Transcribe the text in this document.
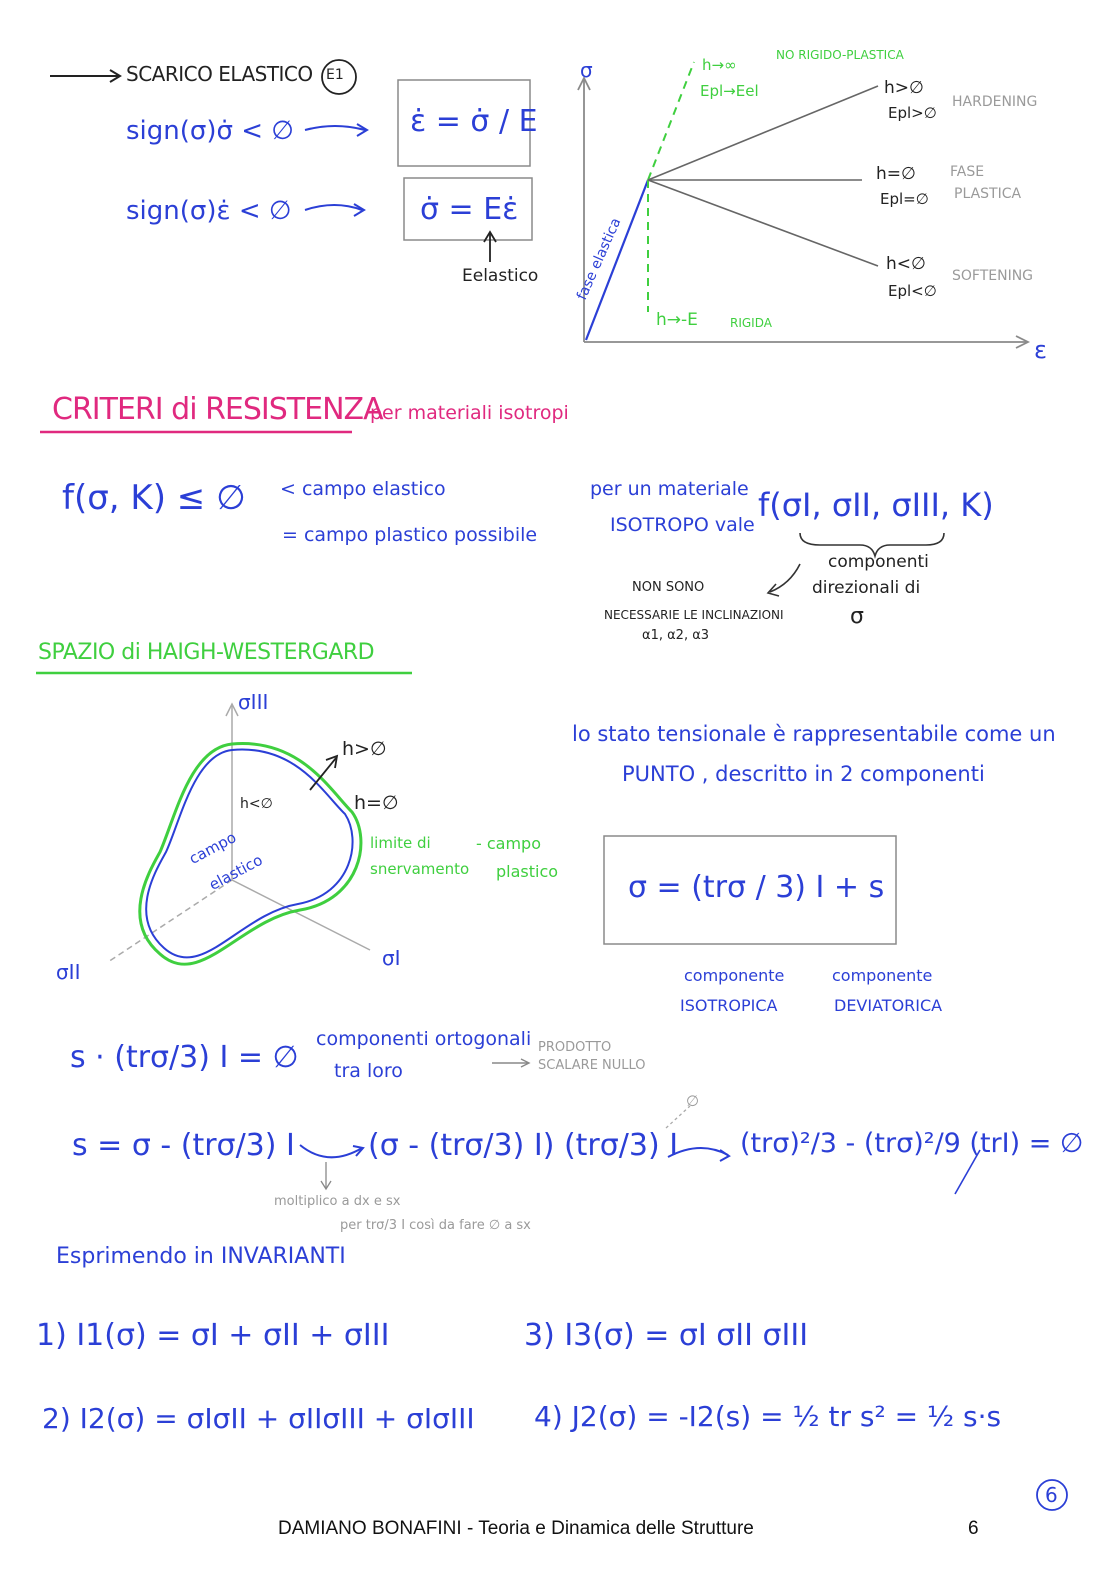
SCARICO ELASTICO E1
sign(σ)σ̇ < ∅
sign(σ)ε̇ < ∅
ε̇ = σ̇ / E
σ̇ = Eε̇
Eelastico
σ
ε
fase elastica
h→∞
Epl→Eel
NO RIGIDO-PLASTICA
h>∅
Epl>∅
HARDENING
h=∅
Epl=∅
FASE
PLASTICA
h<∅
Epl<∅
SOFTENING
h→-E	RIGIDA
CRITERI di RESISTENZA
per materiali isotropi
f(σ, K) ≤ ∅ < campo elastico
= campo plastico possibile
per un materiale
ISOTROPO vale
f(σI, σII, σIII, K)
componenti
direzionali di
σ
NON SONO
NECESSARIE LE INCLINAZIONI
α1, α2, α3
SPAZIO di HAIGH-WESTERGARD
σIII
σII
σI
h>∅
h=∅
h<∅
campo
elastico
limite di
snervamento
- campo
plastico
lo stato tensionale è rappresentabile come un
PUNTO , descritto in 2 componenti
σ = (trσ / 3) I + s
componente
ISOTROPICA
componente
DEVIATORICA
s · (trσ/3) I = ∅
componenti ortogonali
tra loro
PRODOTTO
SCALARE NULLO
s = σ - (trσ/3) I (σ - (trσ/3) I) (trσ/3) I (trσ)²/3 - (trσ)²/9 (trI) = ∅
∅
moltiplico a dx e sx
per trσ/3 I così da fare ∅ a sx
Esprimendo in INVARIANTI
1) I1(σ) = σI + σII + σIII	3) I3(σ) = σI σII σIII
2) I2(σ) = σIσII + σIIσIII + σIσIII 4) J2(σ) = -I2(s) = ½ tr s² = ½ s·s
6
DAMIANO BONAFINI - Teoria e Dinamica delle Strutture	6
